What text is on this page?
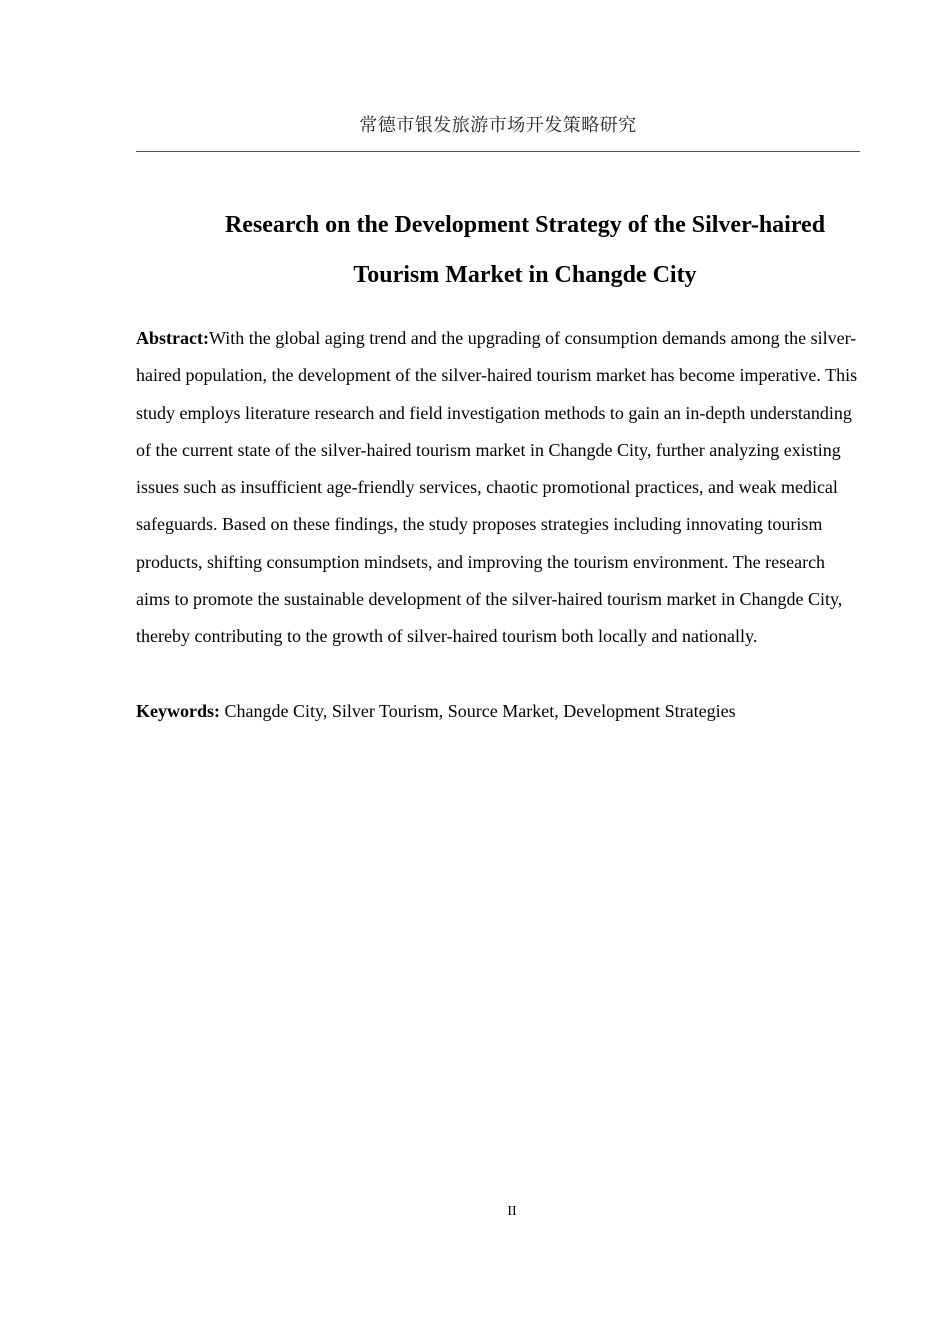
常德市银发旅游市场开发策略研究
Research on the Development Strategy of the Silver-haired
Tourism Market in Changde City

Abstract:With the global aging trend and the upgrading of consumption demands among the silver-haired population, the development of the silver-haired tourism market has become imperative. This study employs literature research and field investigation methods to gain an in-depth understanding of the current state of the silver-haired tourism market in Changde City, further analyzing existing issues such as insufficient age-friendly services, chaotic promotional practices, and weak medical safeguards. Based on these findings, the study proposes strategies including innovating tourism products, shifting consumption mindsets, and improving the tourism environment. The research aims to promote the sustainable development of the silver-haired tourism market in Changde City, thereby contributing to the growth of silver-haired tourism both locally and nationally.

Keywords: Changde City, Silver Tourism, Source Market, Development Strategies

II
